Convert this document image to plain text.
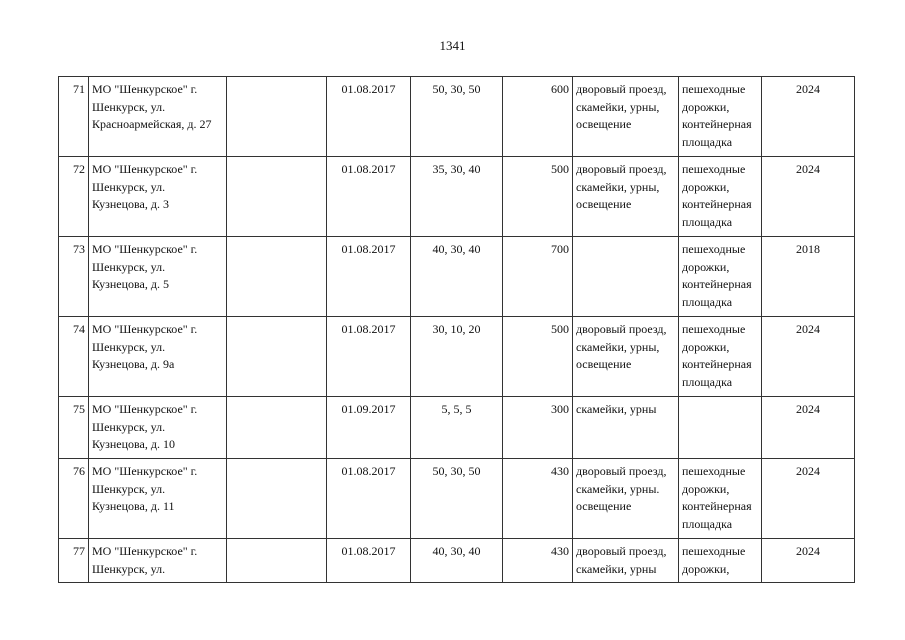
1341
71	МО "Шенкурское" г.
Шенкурск, ул.
Красноармейская, д. 27		01.08.2017	50, 30, 50	600	дворовый проезд,
скамейки, урны,
освещение	пешеходные
дорожки,
контейнерная
площадка	2024
72	МО "Шенкурское" г.
Шенкурск, ул.
Кузнецова, д. 3		01.08.2017	35, 30, 40	500	дворовый проезд,
скамейки, урны,
освещение	пешеходные
дорожки,
контейнерная
площадка	2024
73	МО "Шенкурское" г.
Шенкурск, ул.
Кузнецова, д. 5		01.08.2017	40, 30, 40	700		пешеходные
дорожки,
контейнерная
площадка	2018
74	МО "Шенкурское" г.
Шенкурск, ул.
Кузнецова, д. 9а		01.08.2017	30, 10, 20	500	дворовый проезд,
скамейки, урны,
освещение	пешеходные
дорожки,
контейнерная
площадка	2024
75	МО "Шенкурское" г.
Шенкурск, ул.
Кузнецова, д. 10		01.09.2017	5, 5, 5	300	скамейки, урны		2024
76	МО "Шенкурское" г.
Шенкурск, ул.
Кузнецова, д. 11		01.08.2017	50, 30, 50	430	дворовый проезд,
скамейки, урны.
освещение	пешеходные
дорожки,
контейнерная
площадка	2024
77	МО "Шенкурское" г.
Шенкурск, ул.		01.08.2017	40, 30, 40	430	дворовый проезд,
скамейки, урны	пешеходные
дорожки,	2024
